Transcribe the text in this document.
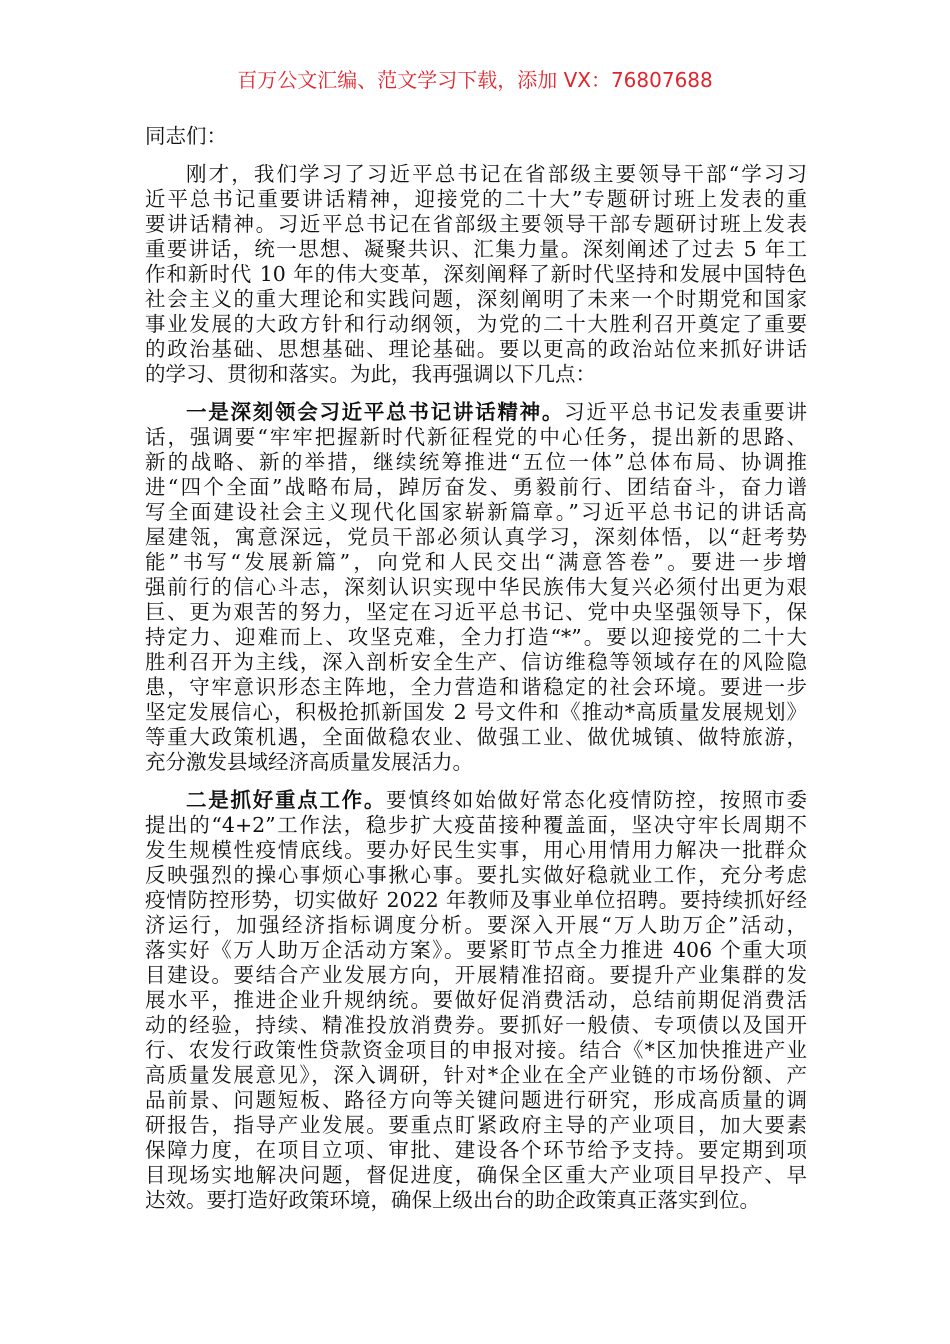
百万公文汇编、范文学习下载，添加 VX：76807688
同志们：
刚才，我们学习了习近平总书记在省部级主要领导干部“学习习
近平总书记重要讲话精神，迎接党的二十大”专题研讨班上发表的重
要讲话精神。习近平总书记在省部级主要领导干部专题研讨班上发表
重要讲话，统一思想、凝聚共识、汇集力量。深刻阐述了过去 5 年工
作和新时代 10 年的伟大变革，深刻阐释了新时代坚持和发展中国特色
社会主义的重大理论和实践问题，深刻阐明了未来一个时期党和国家
事业发展的大政方针和行动纲领，为党的二十大胜利召开奠定了重要
的政治基础、思想基础、理论基础。要以更高的政治站位来抓好讲话
的学习、贯彻和落实。为此，我再强调以下几点：
一是深刻领会习近平总书记讲话精神。习近平总书记发表重要讲
话，强调要“牢牢把握新时代新征程党的中心任务，提出新的思路、
新的战略、新的举措，继续统筹推进“五位一体”总体布局、协调推
进“四个全面”战略布局，踔厉奋发、勇毅前行、团结奋斗，奋力谱
写全面建设社会主义现代化国家崭新篇章。”习近平总书记的讲话高
屋建瓴，寓意深远，党员干部必须认真学习，深刻体悟，以“赶考势
能”书写“发展新篇”，向党和人民交出“满意答卷”。要进一步增
强前行的信心斗志，深刻认识实现中华民族伟大复兴必须付出更为艰
巨、更为艰苦的努力，坚定在习近平总书记、党中央坚强领导下，保
持定力、迎难而上、攻坚克难，全力打造“*”。要以迎接党的二十大
胜利召开为主线，深入剖析安全生产、信访维稳等领域存在的风险隐
患，守牢意识形态主阵地，全力营造和谐稳定的社会环境。要进一步
坚定发展信心，积极抢抓新国发 2 号文件和《推动*高质量发展规划》
等重大政策机遇，全面做稳农业、做强工业、做优城镇、做特旅游，
充分激发县域经济高质量发展活力。
二是抓好重点工作。要慎终如始做好常态化疫情防控，按照市委
提出的“4+2”工作法，稳步扩大疫苗接种覆盖面，坚决守牢长周期不
发生规模性疫情底线。要办好民生实事，用心用情用力解决一批群众
反映强烈的操心事烦心事揪心事。要扎实做好稳就业工作，充分考虑
疫情防控形势，切实做好 2022 年教师及事业单位招聘。要持续抓好经
济运行，加强经济指标调度分析。要深入开展“万人助万企”活动，
落实好《万人助万企活动方案》。要紧盯节点全力推进 406 个重大项
目建设。要结合产业发展方向，开展精准招商。要提升产业集群的发
展水平，推进企业升规纳统。要做好促消费活动，总结前期促消费活
动的经验，持续、精准投放消费券。要抓好一般债、专项债以及国开
行、农发行政策性贷款资金项目的申报对接。结合《*区加快推进产业
高质量发展意见》，深入调研，针对*企业在全产业链的市场份额、产
品前景、问题短板、路径方向等关键问题进行研究，形成高质量的调
研报告，指导产业发展。要重点盯紧政府主导的产业项目，加大要素
保障力度，在项目立项、审批、建设各个环节给予支持。要定期到项
目现场实地解决问题，督促进度，确保全区重大产业项目早投产、早
达效。要打造好政策环境，确保上级出台的助企政策真正落实到位。
